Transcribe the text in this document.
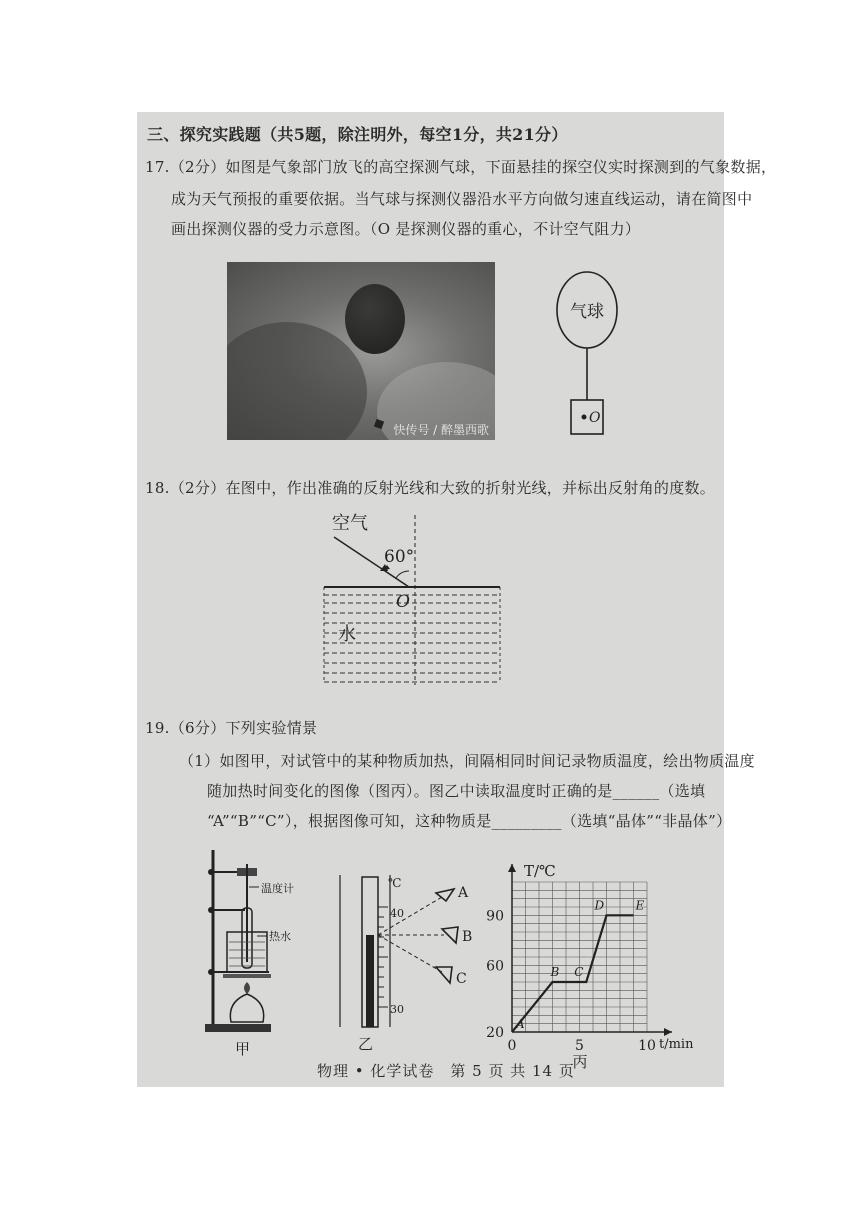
三、探究实践题（共5题，除注明外，每空1分，共21分）
17.（2分）如图是气象部门放飞的高空探测气球，下面悬挂的探空仪实时探测到的气象数据，
成为天气预报的重要依据。当气球与探测仪器沿水平方向做匀速直线运动，请在简图中
画出探测仪器的受力示意图。（O 是探测仪器的重心，不计空气阻力）
快传号 / 醉墨西歌
气球
O
18.（2分）在图中，作出准确的反射光线和大致的折射光线，并标出反射角的度数。
空气
60°
O
水
19.（6分）下列实验情景
（1）如图甲，对试管中的某种物质加热，间隔相同时间记录物质温度，绘出物质温度
随加热时间变化的图像（图丙）。图乙中读取温度时正确的是______（选填
“A”“B”“C”），根据图像可知，这种物质是_________（选填“晶体”“非晶体”）
温度计
热水
甲
℃
40
30
A
B
C
乙
T/℃
t/min
90
60
20
0	5	10
A
B C
D	E
丙
物理 • 化学试卷　第 5 页 共 14 页
